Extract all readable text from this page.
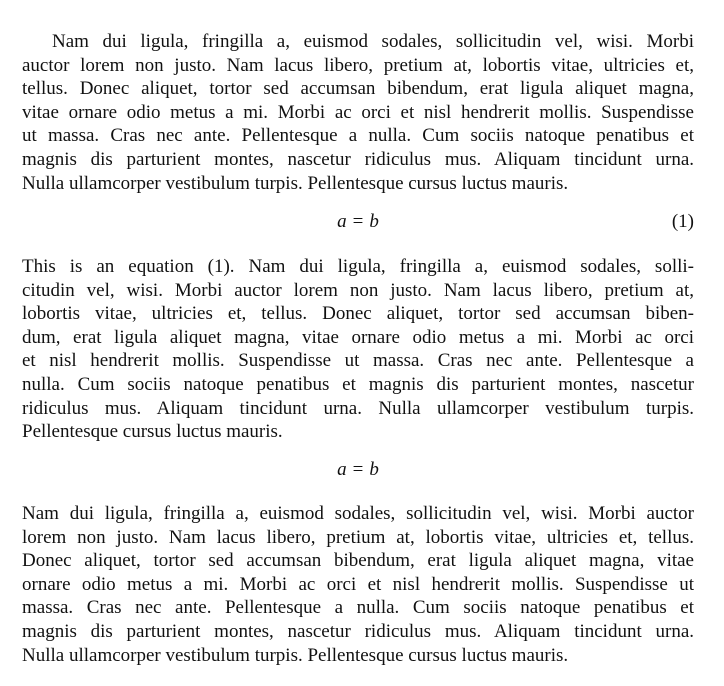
Nam dui ligula, fringilla a, euismod sodales, sollicitudin vel, wisi. Morbi
auctor lorem non justo. Nam lacus libero, pretium at, lobortis vitae, ultricies et,
tellus. Donec aliquet, tortor sed accumsan bibendum, erat ligula aliquet magna,
vitae ornare odio metus a mi. Morbi ac orci et nisl hendrerit mollis. Suspendisse
ut massa. Cras nec ante. Pellentesque a nulla. Cum sociis natoque penatibus et
magnis dis parturient montes, nascetur ridiculus mus. Aliquam tincidunt urna.
Nulla ullamcorper vestibulum turpis. Pellentesque cursus luctus mauris.
a = b	(1)
This is an equation (1). Nam dui ligula, fringilla a, euismod sodales, solli-
citudin vel, wisi. Morbi auctor lorem non justo. Nam lacus libero, pretium at,
lobortis vitae, ultricies et, tellus. Donec aliquet, tortor sed accumsan biben-
dum, erat ligula aliquet magna, vitae ornare odio metus a mi. Morbi ac orci
et nisl hendrerit mollis. Suspendisse ut massa. Cras nec ante. Pellentesque a
nulla. Cum sociis natoque penatibus et magnis dis parturient montes, nascetur
ridiculus mus. Aliquam tincidunt urna. Nulla ullamcorper vestibulum turpis.
Pellentesque cursus luctus mauris.
a = b
Nam dui ligula, fringilla a, euismod sodales, sollicitudin vel, wisi. Morbi auctor
lorem non justo. Nam lacus libero, pretium at, lobortis vitae, ultricies et, tellus.
Donec aliquet, tortor sed accumsan bibendum, erat ligula aliquet magna, vitae
ornare odio metus a mi. Morbi ac orci et nisl hendrerit mollis. Suspendisse ut
massa. Cras nec ante. Pellentesque a nulla. Cum sociis natoque penatibus et
magnis dis parturient montes, nascetur ridiculus mus. Aliquam tincidunt urna.
Nulla ullamcorper vestibulum turpis. Pellentesque cursus luctus mauris.
